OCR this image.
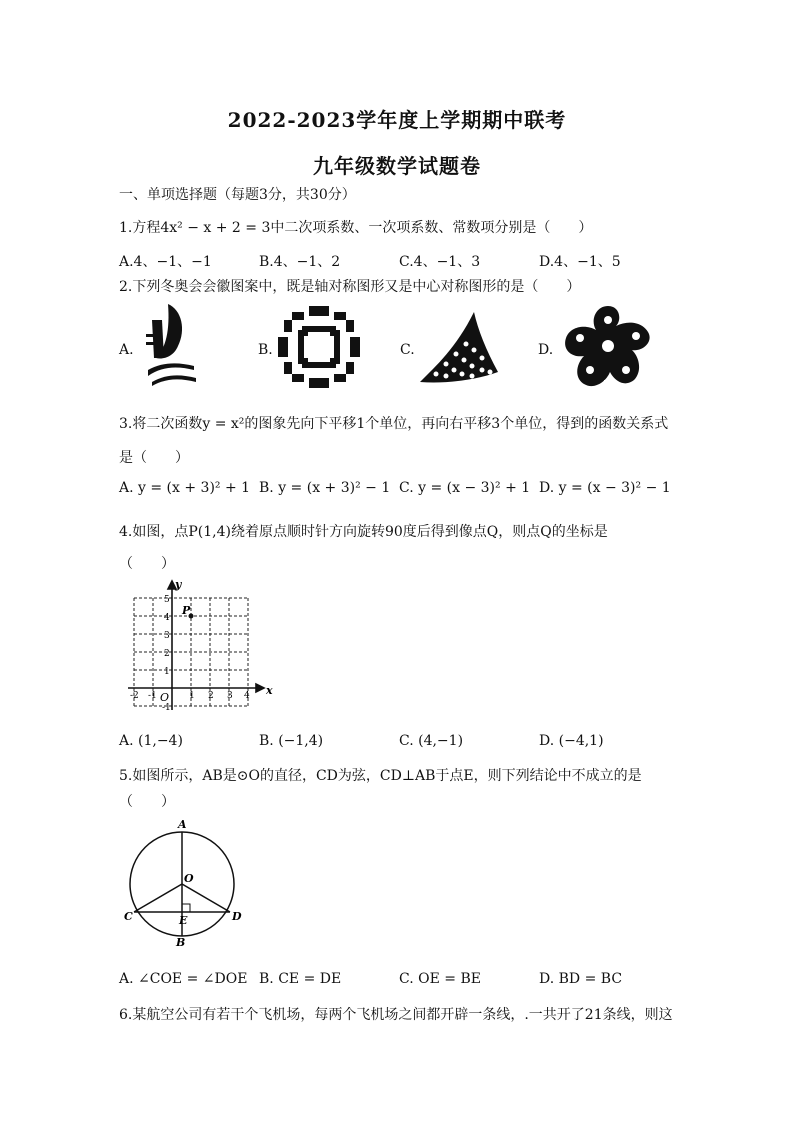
2022-2023学年度上学期期中联考
九年级数学试题卷
一、单项选择题（每题3分，共30分）
1.方程4x² − x + 2 = 3中二次项系数、一次项系数、常数项分别是（　　）
A.4、−1、−1	B.4、−1、2	C.4、−1、3	D.4、−1、5
2.下列冬奥会会徽图案中，既是轴对称图形又是中心对称图形的是（　　）
A.	B.	C.	D.
3.将二次函数y = x²的图象先向下平移1个单位，再向右平移3个单位，得到的函数关系式
是（　　）
A. y = (x + 3)² + 1 B. y = (x + 3)² − 1 C. y = (x − 3)² + 1 D. y = (x − 3)² − 1
4.如图，点P(1,4)绕着原点顺时针方向旋转90度后得到像点Q，则点Q的坐标是
（　　）
P
O
x
y
-2 -1	1 2 3 4
1
2
3
4
5
-1
A. (1,−4)	B. (−1,4)	C. (4,−1)	D. (−4,1)
5.如图所示，AB是⊙O的直径，CD为弦，CD⊥AB于点E，则下列结论中不成立的是
（　　）
A
O
C	E	D
B
A. ∠COE = ∠DOE B. CE = DE	C. OE = BE	D. BD = BC
6.某航空公司有若干个飞机场，每两个飞机场之间都开辟一条线，.一共开了21条线，则这
